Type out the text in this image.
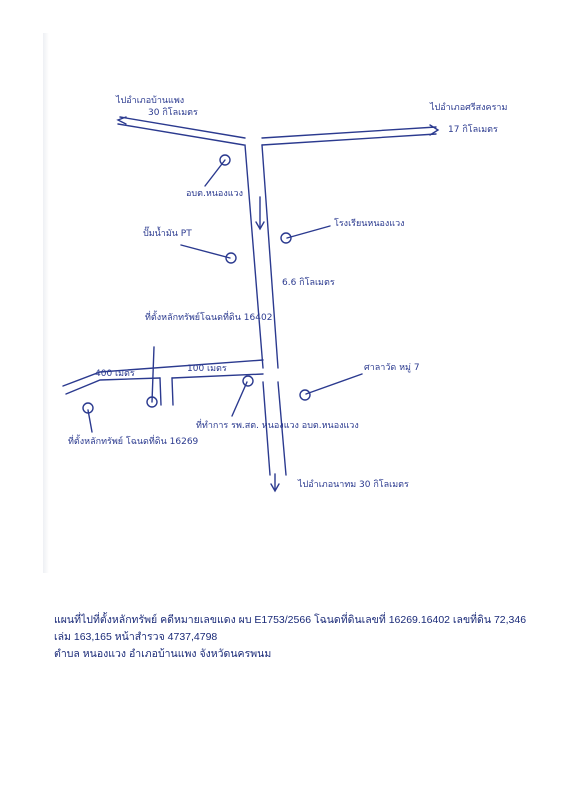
ไปอำเภอบ้านแพง
30 กิโลเมตร	ไปอำเภอศรีสงคราม
17 กิโลเมตร
อบต.หนองแวง
ปั๊มน้ำมัน PT
โรงเรียนหนองแวง
6.6 กิโลเมตร
ที่ตั้งหลักทรัพย์โฉนดที่ดิน 16402
400 เมตร	100 เมตร	ศาลาวัด หมู่ 7
ที่ทำการ รพ.สต. หนองแวง อบต.หนองแวง
ที่ตั้งหลักทรัพย์ โฉนดที่ดิน 16269
ไปอำเภอนาทม 30 กิโลเมตร
แผนที่ไปที่ตั้งหลักทรัพย์ คดีหมายเลขแดง ผบ E1753/2566 โฉนดที่ดินเลขที่ 16269.16402 เลขที่ดิน 72,346
เล่ม 163,165 หน้าสำรวจ 4737,4798
ตำบล หนองแวง อำเภอบ้านแพง จังหวัดนครพนม
